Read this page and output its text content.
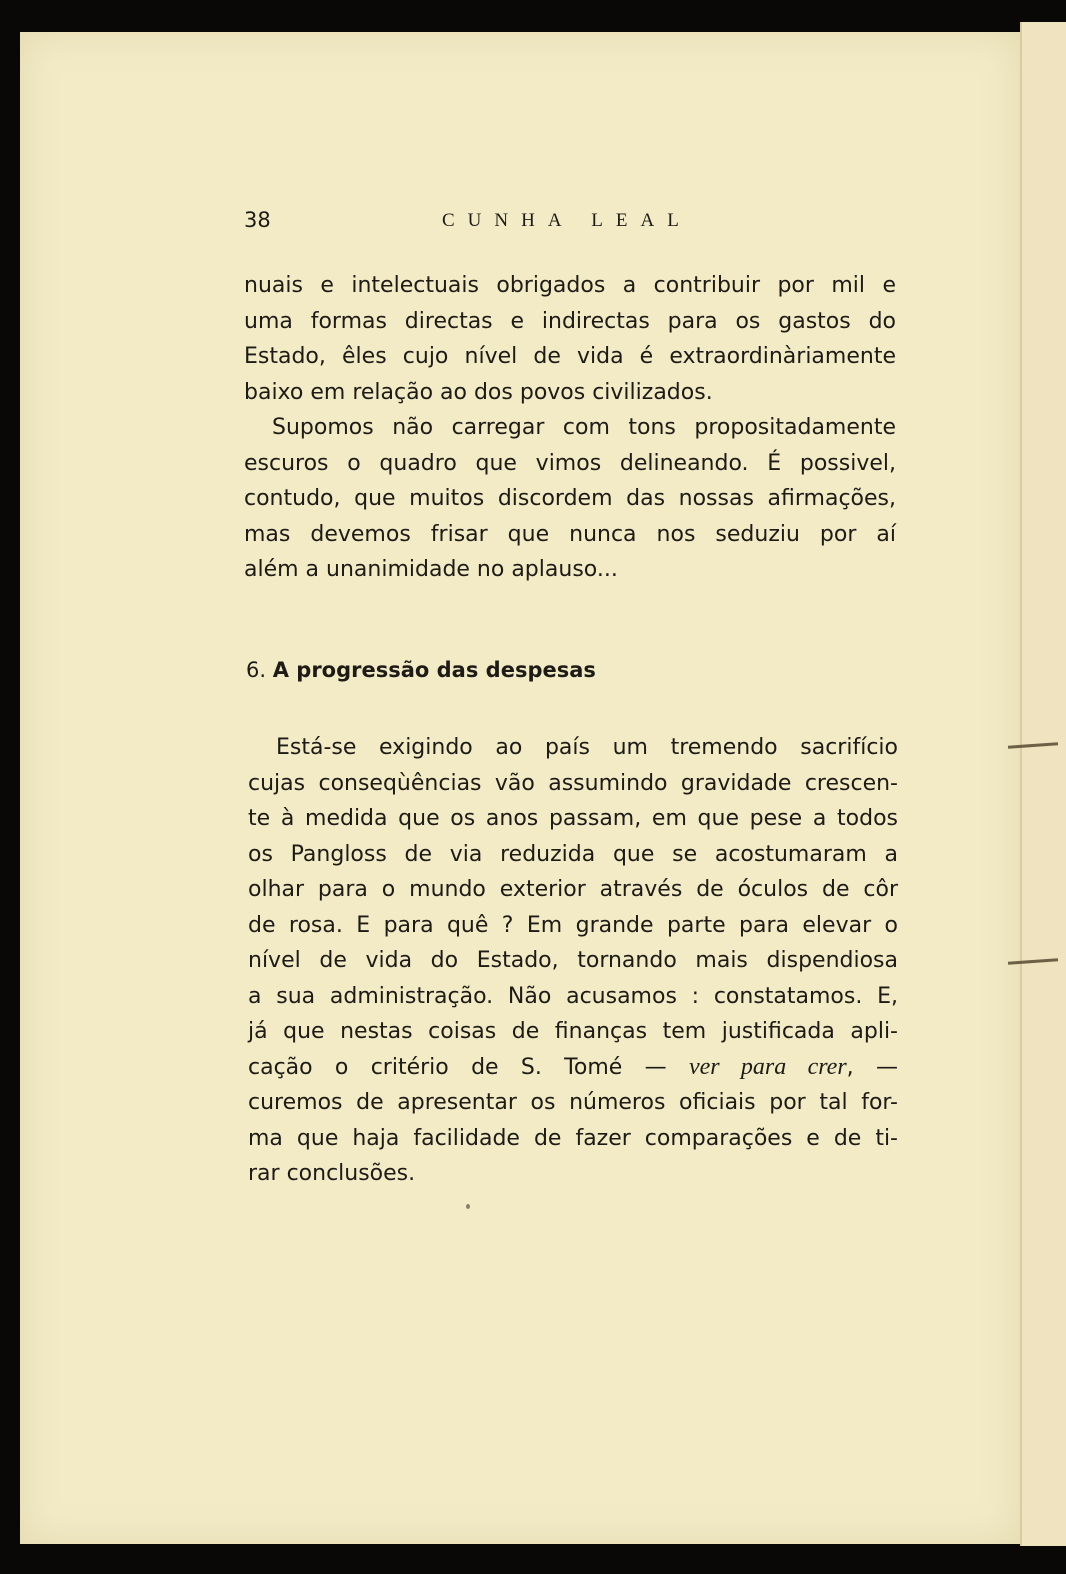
38	CUNHA LEAL
nuais e intelectuais obrigados a contribuir por mil e
uma formas directas e indirectas para os gastos do
Estado, êles cujo nível de vida é extraordinàriamente
baixo em relação ao dos povos civilizados.
Supomos não carregar com tons propositadamente
escuros o quadro que vimos delineando. É possivel,
contudo, que muitos discordem das nossas afirmações,
mas devemos frisar que nunca nos seduziu por aí
além a unanimidade no aplauso...
6. A progressão das despesas
Está-se exigindo ao país um tremendo sacrifício
cujas conseqùências vão assumindo gravidade crescen-
te à medida que os anos passam, em que pese a todos
os Pangloss de via reduzida que se acostumaram a
olhar para o mundo exterior através de óculos de côr
de rosa. E para quê ? Em grande parte para elevar o
nível de vida do Estado, tornando mais dispendiosa
a sua administração. Não acusamos : constatamos. E,
já que nestas coisas de finanças tem justificada apli-
cação o critério de S. Tomé — ver para crer, —
curemos de apresentar os números oficiais por tal for-
ma que haja facilidade de fazer comparações e de ti-
rar conclusões.
